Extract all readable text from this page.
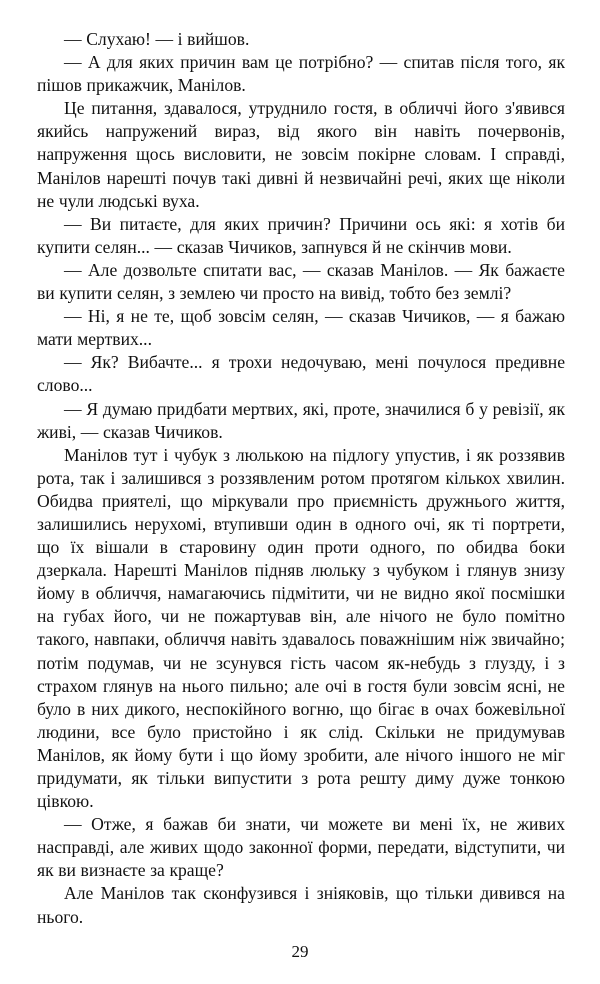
— Слухаю! — і вийшов.

— А для яких причин вам це потрібно? — спитав після того, як пішов прикажчик, Манілов.

Це питання, здавалося, утруднило гостя, в обличчі його з'явився якийсь напружений вираз, від якого він навіть почервонів, напруження щось висловити, не зовсім покірне словам. І справді, Манілов нарешті почув такі дивні й незвичайні речі, яких ще ніколи не чули людські вуха.

— Ви питаєте, для яких причин? Причини ось які: я хотів би купити селян... — сказав Чичиков, запнувся й не скінчив мови.

— Але дозвольте спитати вас, — сказав Манілов. — Як бажаєте ви купити селян, з землею чи просто на вивід, тобто без землі?

— Ні, я не те, щоб зовсім селян, — сказав Чичиков, — я бажаю мати мертвих...

— Як? Вибачте... я трохи недочуваю, мені почулося предивне слово...

— Я думаю придбати мертвих, які, проте, значилися б у ревізії, як живі, — сказав Чичиков.

Манілов тут і чубук з люлькою на підлогу упустив, і як роззявив рота, так і залишився з роззявленим ротом протягом кількох хвилин. Обидва приятелі, що міркували про приємність дружнього життя, залишились нерухомі, втупивши один в одного очі, як ті портрети, що їх вішали в старовину один проти одного, по обидва боки дзеркала. Нарешті Манілов підняв люльку з чубуком і глянув знизу йому в обличчя, намагаючись підмітити, чи не видно якої посмішки на губах його, чи не пожартував він, але нічого не було помітно такого, навпаки, обличчя навіть здавалось поважнішим ніж звичайно; потім подумав, чи не зсунувся гість часом як-небудь з глузду, і з страхом глянув на нього пильно; але очі в гостя були зовсім ясні, не було в них дикого, неспокійного вогню, що бігає в очах божевільної людини, все було пристойно і як слід. Скільки не придумував Манілов, як йому бути і що йому зробити, але нічого іншого не міг придумати, як тільки випустити з рота решту диму дуже тонкою цівкою.

— Отже, я бажав би знати, чи можете ви мені їх, не живих насправді, але живих щодо законної форми, передати, відступити, чи як ви визнаєте за краще?

Але Манілов так сконфузився і зніяковів, що тільки дивився на нього.

29
